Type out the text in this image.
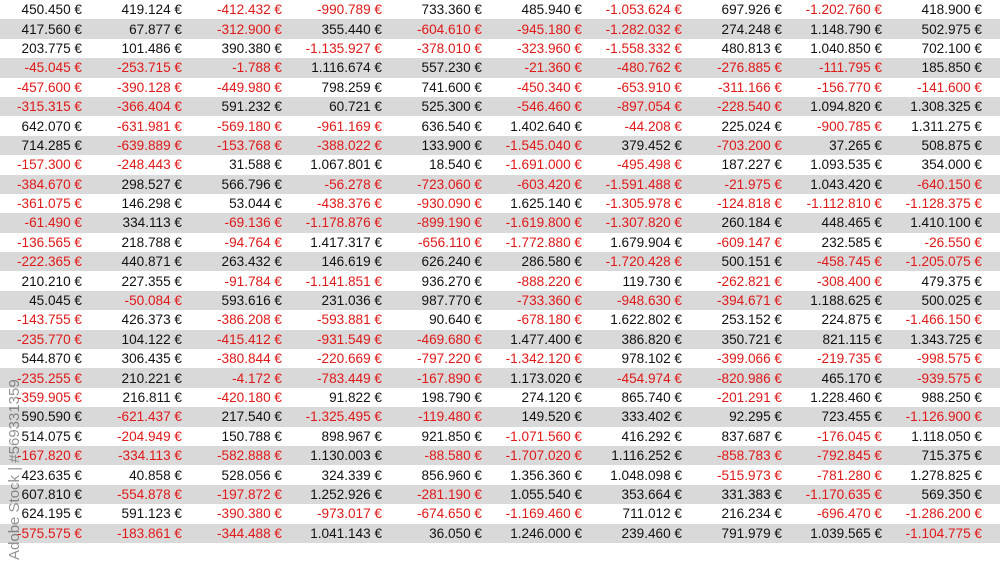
450.450 €	419.124 €	-412.432 €	-990.789 €	733.360 €	485.940 €	-1.053.624 €	697.926 €	-1.202.760 €	418.900 €
417.560 €	67.877 €	-312.900 €	355.440 €	-604.610 €	-945.180 €	-1.282.032 €	274.248 €	1.148.790 €	502.975 €
203.775 €	101.486 €	390.380 €	-1.135.927 €	-378.010 €	-323.960 €	-1.558.332 €	480.813 €	1.040.850 €	702.100 €
-45.045 €	-253.715 €	-1.788 €	1.116.674 €	557.230 €	-21.360 €	-480.762 €	-276.885 €	-111.795 €	185.850 €
-457.600 €	-390.128 €	-449.980 €	798.259 €	741.600 €	-450.340 €	-653.910 €	-311.166 €	-156.770 €	-141.600 €
-315.315 €	-366.404 €	591.232 €	60.721 €	525.300 €	-546.460 €	-897.054 €	-228.540 €	1.094.820 €	1.308.325 €
642.070 €	-631.981 €	-569.180 €	-961.169 €	636.540 €	1.402.640 €	-44.208 €	225.024 €	-900.785 €	1.311.275 €
714.285 €	-639.889 €	-153.768 €	-388.022 €	133.900 €	-1.545.040 €	379.452 €	-703.200 €	37.265 €	508.875 €
-157.300 €	-248.443 €	31.588 €	1.067.801 €	18.540 €	-1.691.000 €	-495.498 €	187.227 €	1.093.535 €	354.000 €
-384.670 €	298.527 €	566.796 €	-56.278 €	-723.060 €	-603.420 €	-1.591.488 €	-21.975 €	1.043.420 €	-640.150 €
-361.075 €	146.298 €	53.044 €	-438.376 €	-930.090 €	1.625.140 €	-1.305.978 €	-124.818 €	-1.112.810 €	-1.128.375 €
-61.490 €	334.113 €	-69.136 €	-1.178.876 €	-899.190 €	-1.619.800 €	-1.307.820 €	260.184 €	448.465 €	1.410.100 €
-136.565 €	218.788 €	-94.764 €	1.417.317 €	-656.110 €	-1.772.880 €	1.679.904 €	-609.147 €	232.585 €	-26.550 €
-222.365 €	440.871 €	263.432 €	146.619 €	626.240 €	286.580 €	-1.720.428 €	500.151 €	-458.745 €	-1.205.075 €
210.210 €	227.355 €	-91.784 €	-1.141.851 €	936.270 €	-888.220 €	119.730 €	-262.821 €	-308.400 €	479.375 €
45.045 €	-50.084 €	593.616 €	231.036 €	987.770 €	-733.360 €	-948.630 €	-394.671 €	1.188.625 €	500.025 €
-143.755 €	426.373 €	-386.208 €	-593.881 €	90.640 €	-678.180 €	1.622.802 €	253.152 €	224.875 €	-1.466.150 €
-235.770 €	104.122 €	-415.412 €	-931.549 €	-469.680 €	1.477.400 €	386.820 €	350.721 €	821.115 €	1.343.725 €
544.870 €	306.435 €	-380.844 €	-220.669 €	-797.220 €	-1.342.120 €	978.102 €	-399.066 €	-219.735 €	-998.575 €
-235.255 €	210.221 €	-4.172 €	-783.449 €	-167.890 €	1.173.020 €	-454.974 €	-820.986 €	465.170 €	-939.575 €
-359.905 €	216.811 €	-420.180 €	91.822 €	198.790 €	274.120 €	865.740 €	-201.291 €	1.228.460 €	988.250 €
590.590 €	-621.437 €	217.540 €	-1.325.495 €	-119.480 €	149.520 €	333.402 €	92.295 €	723.455 €	-1.126.900 €
514.075 €	-204.949 €	150.788 €	898.967 €	921.850 €	-1.071.560 €	416.292 €	837.687 €	-176.045 €	1.118.050 €
-167.820 €	-334.113 €	-582.888 €	1.130.003 €	-88.580 €	-1.707.020 €	1.116.252 €	-858.783 €	-792.845 €	715.375 €
423.635 €	40.858 €	528.056 €	324.339 €	856.960 €	1.356.360 €	1.048.098 €	-515.973 €	-781.280 €	1.278.825 €
607.810 €	-554.878 €	-197.872 €	1.252.926 €	-281.190 €	1.055.540 €	353.664 €	331.383 €	-1.170.635 €	569.350 €
624.195 €	591.123 €	-390.380 €	-973.017 €	-674.650 €	-1.169.460 €	711.012 €	216.234 €	-696.470 €	-1.286.200 €
-575.575 €	-183.861 €	-344.488 €	1.041.143 €	36.050 €	1.246.000 €	239.460 €	791.979 €	1.039.565 €	-1.104.775 €
Adobe Stock | #569331359
